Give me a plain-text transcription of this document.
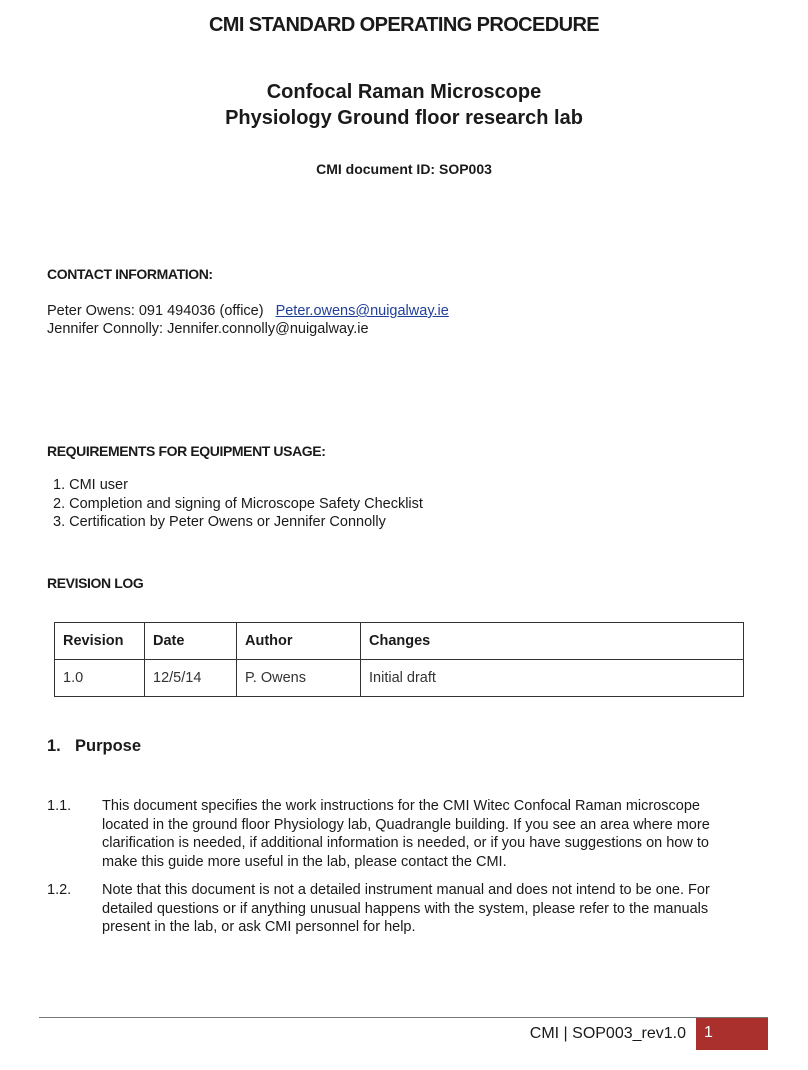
CMI STANDARD OPERATING PROCEDURE
Confocal Raman Microscope
Physiology Ground floor research lab
CMI document ID: SOP003
CONTACT INFORMATION:
Peter Owens: 091 494036 (office) Peter.owens@nuigalway.ie
Jennifer Connolly: Jennifer.connolly@nuigalway.ie
REQUIREMENTS FOR EQUIPMENT USAGE:
1. CMI user
2. Completion and signing of Microscope Safety Checklist
3. Certification by Peter Owens or Jennifer Connolly
REVISION LOG
Revision	Date	Author	Changes
1.0	12/5/14	P. Owens	Initial draft
1. Purpose
1.1. This document specifies the work instructions for the CMI Witec Confocal Raman microscope located in the ground floor Physiology lab, Quadrangle building. If you see an area where more clarification is needed, if additional information is needed, or if you have suggestions on how to make this guide more useful in the lab, please contact the CMI.
1.2. Note that this document is not a detailed instrument manual and does not intend to be one. For detailed questions or if anything unusual happens with the system, please refer to the manuals present in the lab, or ask CMI personnel for help.
CMI | SOP003_rev1.0	1
